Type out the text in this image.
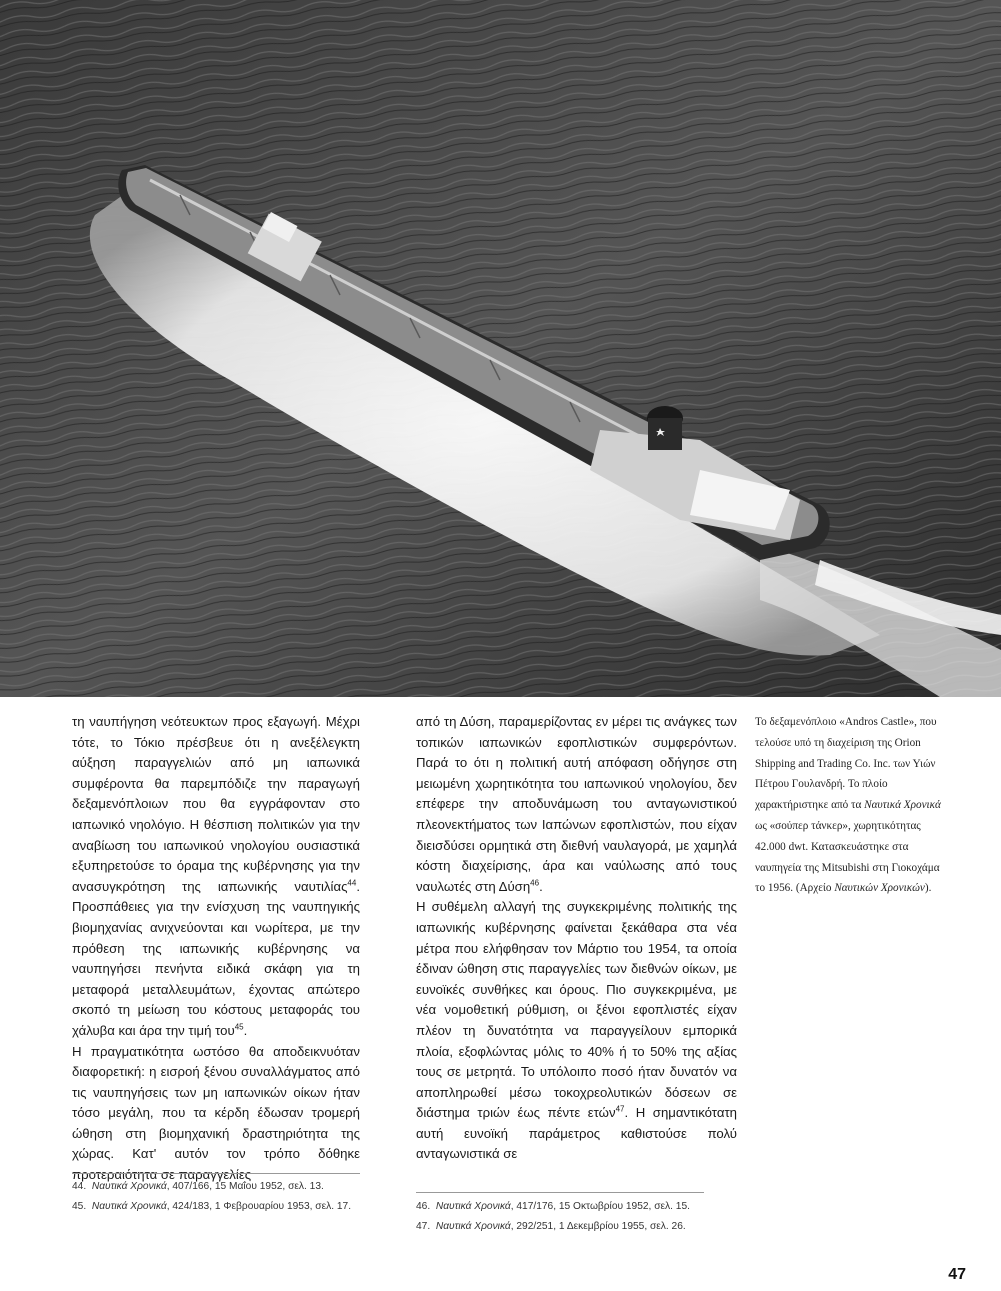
τη ναυπήγηση νεότευκτων προς εξαγωγή. Μέχρι τότε, το Τόκιο πρέσβευε ότι η ανεξέλεγκτη αύξηση παραγγελιών από μη ιαπωνικά συμφέροντα θα παρεμπόδιζε την παραγωγή δεξαμενόπλοιων που θα εγγράφονταν στο ιαπωνικό νηολόγιο. Η θέσπιση πολιτικών για την αναβίωση του ιαπωνικού νηολογίου ουσιαστικά εξυπηρετούσε το όραμα της κυβέρνησης για την ανασυγκρότηση της ιαπωνικής ναυτιλίας$^{44}$. Προσπάθειες για την ενίσχυση της ναυπηγικής βιομηχανίας ανιχνεύονται και νωρίτερα, με την πρόθεση της ιαπωνικής κυβέρνησης να ναυπηγήσει πενήντα ειδικά σκάφη για τη μεταφορά μεταλλευμάτων, έχοντας απώτερο σκοπό τη μείωση του κόστους μεταφοράς του χάλυβα και άρα την τιμή του$^{45}$.

Η πραγματικότητα ωστόσο θα αποδεικνυόταν διαφορετική: η εισροή ξένου συναλλάγματος από τις ναυπηγήσεις των μη ιαπωνικών οίκων ήταν τόσο μεγάλη, που τα κέρδη έδωσαν τρομερή ώθηση στη βιομηχανική δραστηριότητα της χώρας. Κατ' αυτόν τον τρόπο δόθηκε προτεραιότητα σε παραγγελίες

από τη Δύση, παραμερίζοντας εν μέρει τις ανάγκες των τοπικών ιαπωνικών εφοπλιστικών συμφερόντων. Παρά το ότι η πολιτική αυτή απόφαση οδήγησε στη μειωμένη χωρητικότητα του ιαπωνικού νηολογίου, δεν επέφερε την αποδυνάμωση του ανταγωνιστικού πλεονεκτήματος των Ιαπώνων εφοπλιστών, που είχαν διεισδύσει ορμητικά στη διεθνή ναυλαγορά, με χαμηλά κόστη διαχείρισης, άρα και ναύλωσης από τους ναυλωτές στη Δύση$^{46}$.

Η συθέμελη αλλαγή της συγκεκριμένης πολιτικής της ιαπωνικής κυβέρνησης φαίνεται ξεκάθαρα στα νέα μέτρα που ελήφθησαν τον Μάρτιο του 1954, τα οποία έδιναν ώθηση στις παραγγελίες των διεθνών οίκων, με ευνοϊκές συνθήκες και όρους. Πιο συγκεκριμένα, με νέα νομοθετική ρύθμιση, οι ξένοι εφοπλιστές είχαν πλέον τη δυνατότητα να παραγγείλουν εμπορικά πλοία, εξοφλώντας μόλις το 40% ή το 50% της αξίας τους σε μετρητά. Το υπόλοιπο ποσό ήταν δυνατόν να αποπληρωθεί μέσω τοκοχρεολυτικών δόσεων σε διάστημα τριών έως πέντε ετών$^{47}$. Η σημαντικότατη αυτή ευνοϊκή παράμετρος καθιστούσε πολύ ανταγωνιστικά σε

44. Ναυτικά Χρονικά, 407/166, 15 Μαΐου 1952, σελ. 13.

45. Ναυτικά Χρονικά, 424/183, 1 Φεβρουαρίου 1953, σελ. 17.	46. Ναυτικά Χρονικά, 417/176, 15 Οκτωβρίου 1952, σελ. 15.

47. Ναυτικά Χρονικά, 292/251, 1 Δεκεμβρίου 1955, σελ. 26.

Το δεξαμενόπλοιο «Andros Castle», που τελούσε υπό τη διαχείριση της Orion Shipping and Trading Co. Inc. των Υιών Πέτρου Γουλανδρή. Το πλοίο χαρακτήριστηκε από τα Ναυτικά Χρονικά ως «σούπερ τάνκερ», χωρητικότητας 42.000 dwt. Κατασκευάστηκε στα ναυπηγεία της Mitsubishi στη Γιοκοχάμα το 1956. (Αρχείο Ναυτικών Χρονικών).
47
